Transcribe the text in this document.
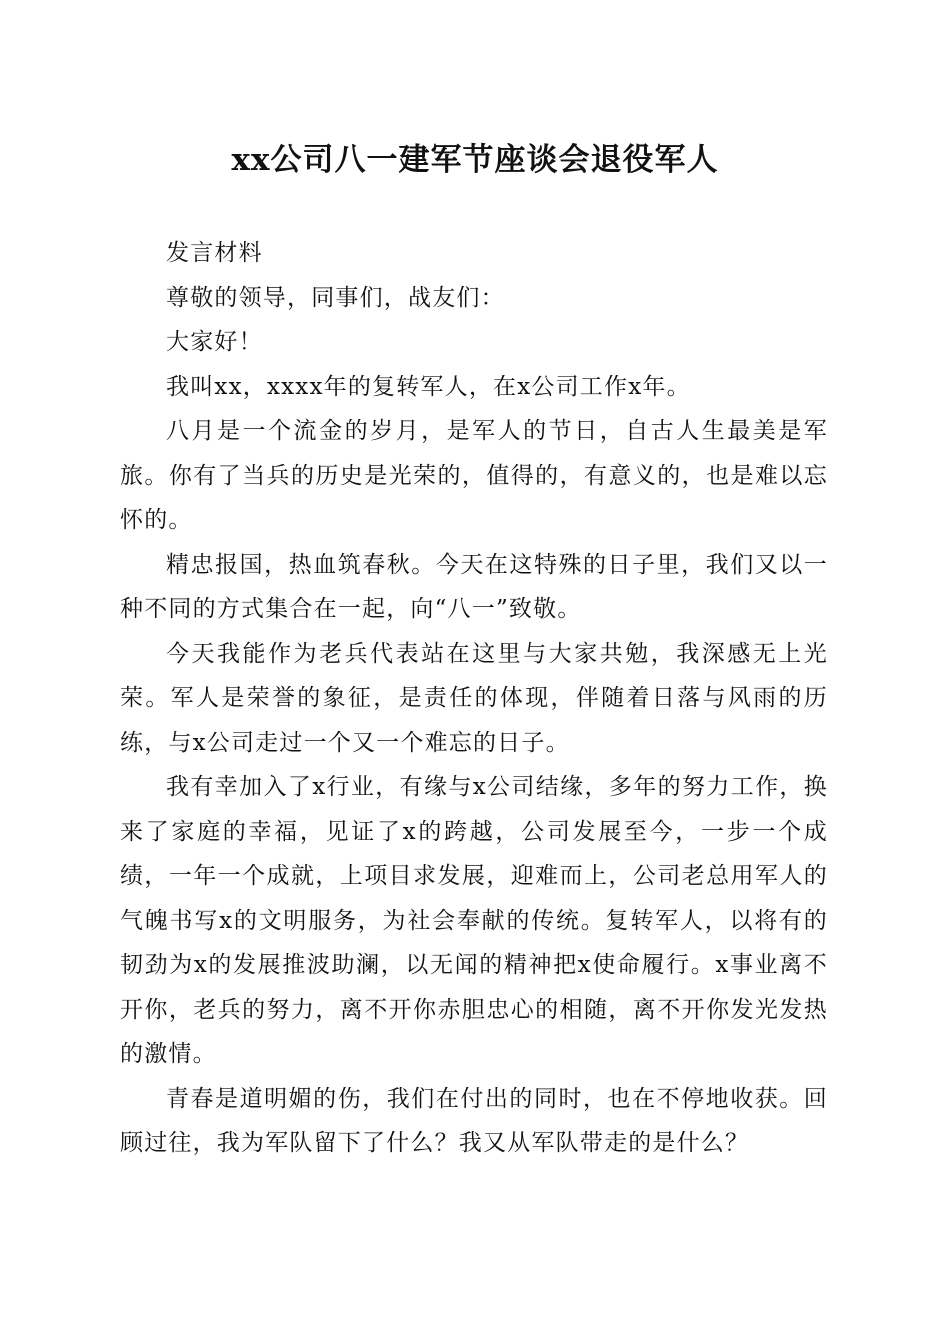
xx公司八一建军节座谈会退役军人

发言材料

尊敬的领导，同事们，战友们：

大家好！

我叫xx，xxxx年的复转军人，在x公司工作x年。

八月是一个流金的岁月，是军人的节日，自古人生最美是军旅。你有了当兵的历史是光荣的，值得的，有意义的，也是难以忘怀的。

精忠报国，热血筑春秋。今天在这特殊的日子里，我们又以一种不同的方式集合在一起，向“八一”致敬。

今天我能作为老兵代表站在这里与大家共勉，我深感无上光荣。军人是荣誉的象征，是责任的体现，伴随着日落与风雨的历练，与x公司走过一个又一个难忘的日子。

我有幸加入了x行业，有缘与x公司结缘，多年的努力工作，换来了家庭的幸福，见证了x的跨越，公司发展至今，一步一个成绩，一年一个成就，上项目求发展，迎难而上，公司老总用军人的气魄书写x的文明服务，为社会奉献的传统。复转军人，以将有的韧劲为x的发展推波助澜，以无闻的精神把x使命履行。x事业离不开你，老兵的努力，离不开你赤胆忠心的相随，离不开你发光发热的激情。

青春是道明媚的伤，我们在付出的同时，也在不停地收获。回顾过往，我为军队留下了什么？我又从军队带走的是什么？
